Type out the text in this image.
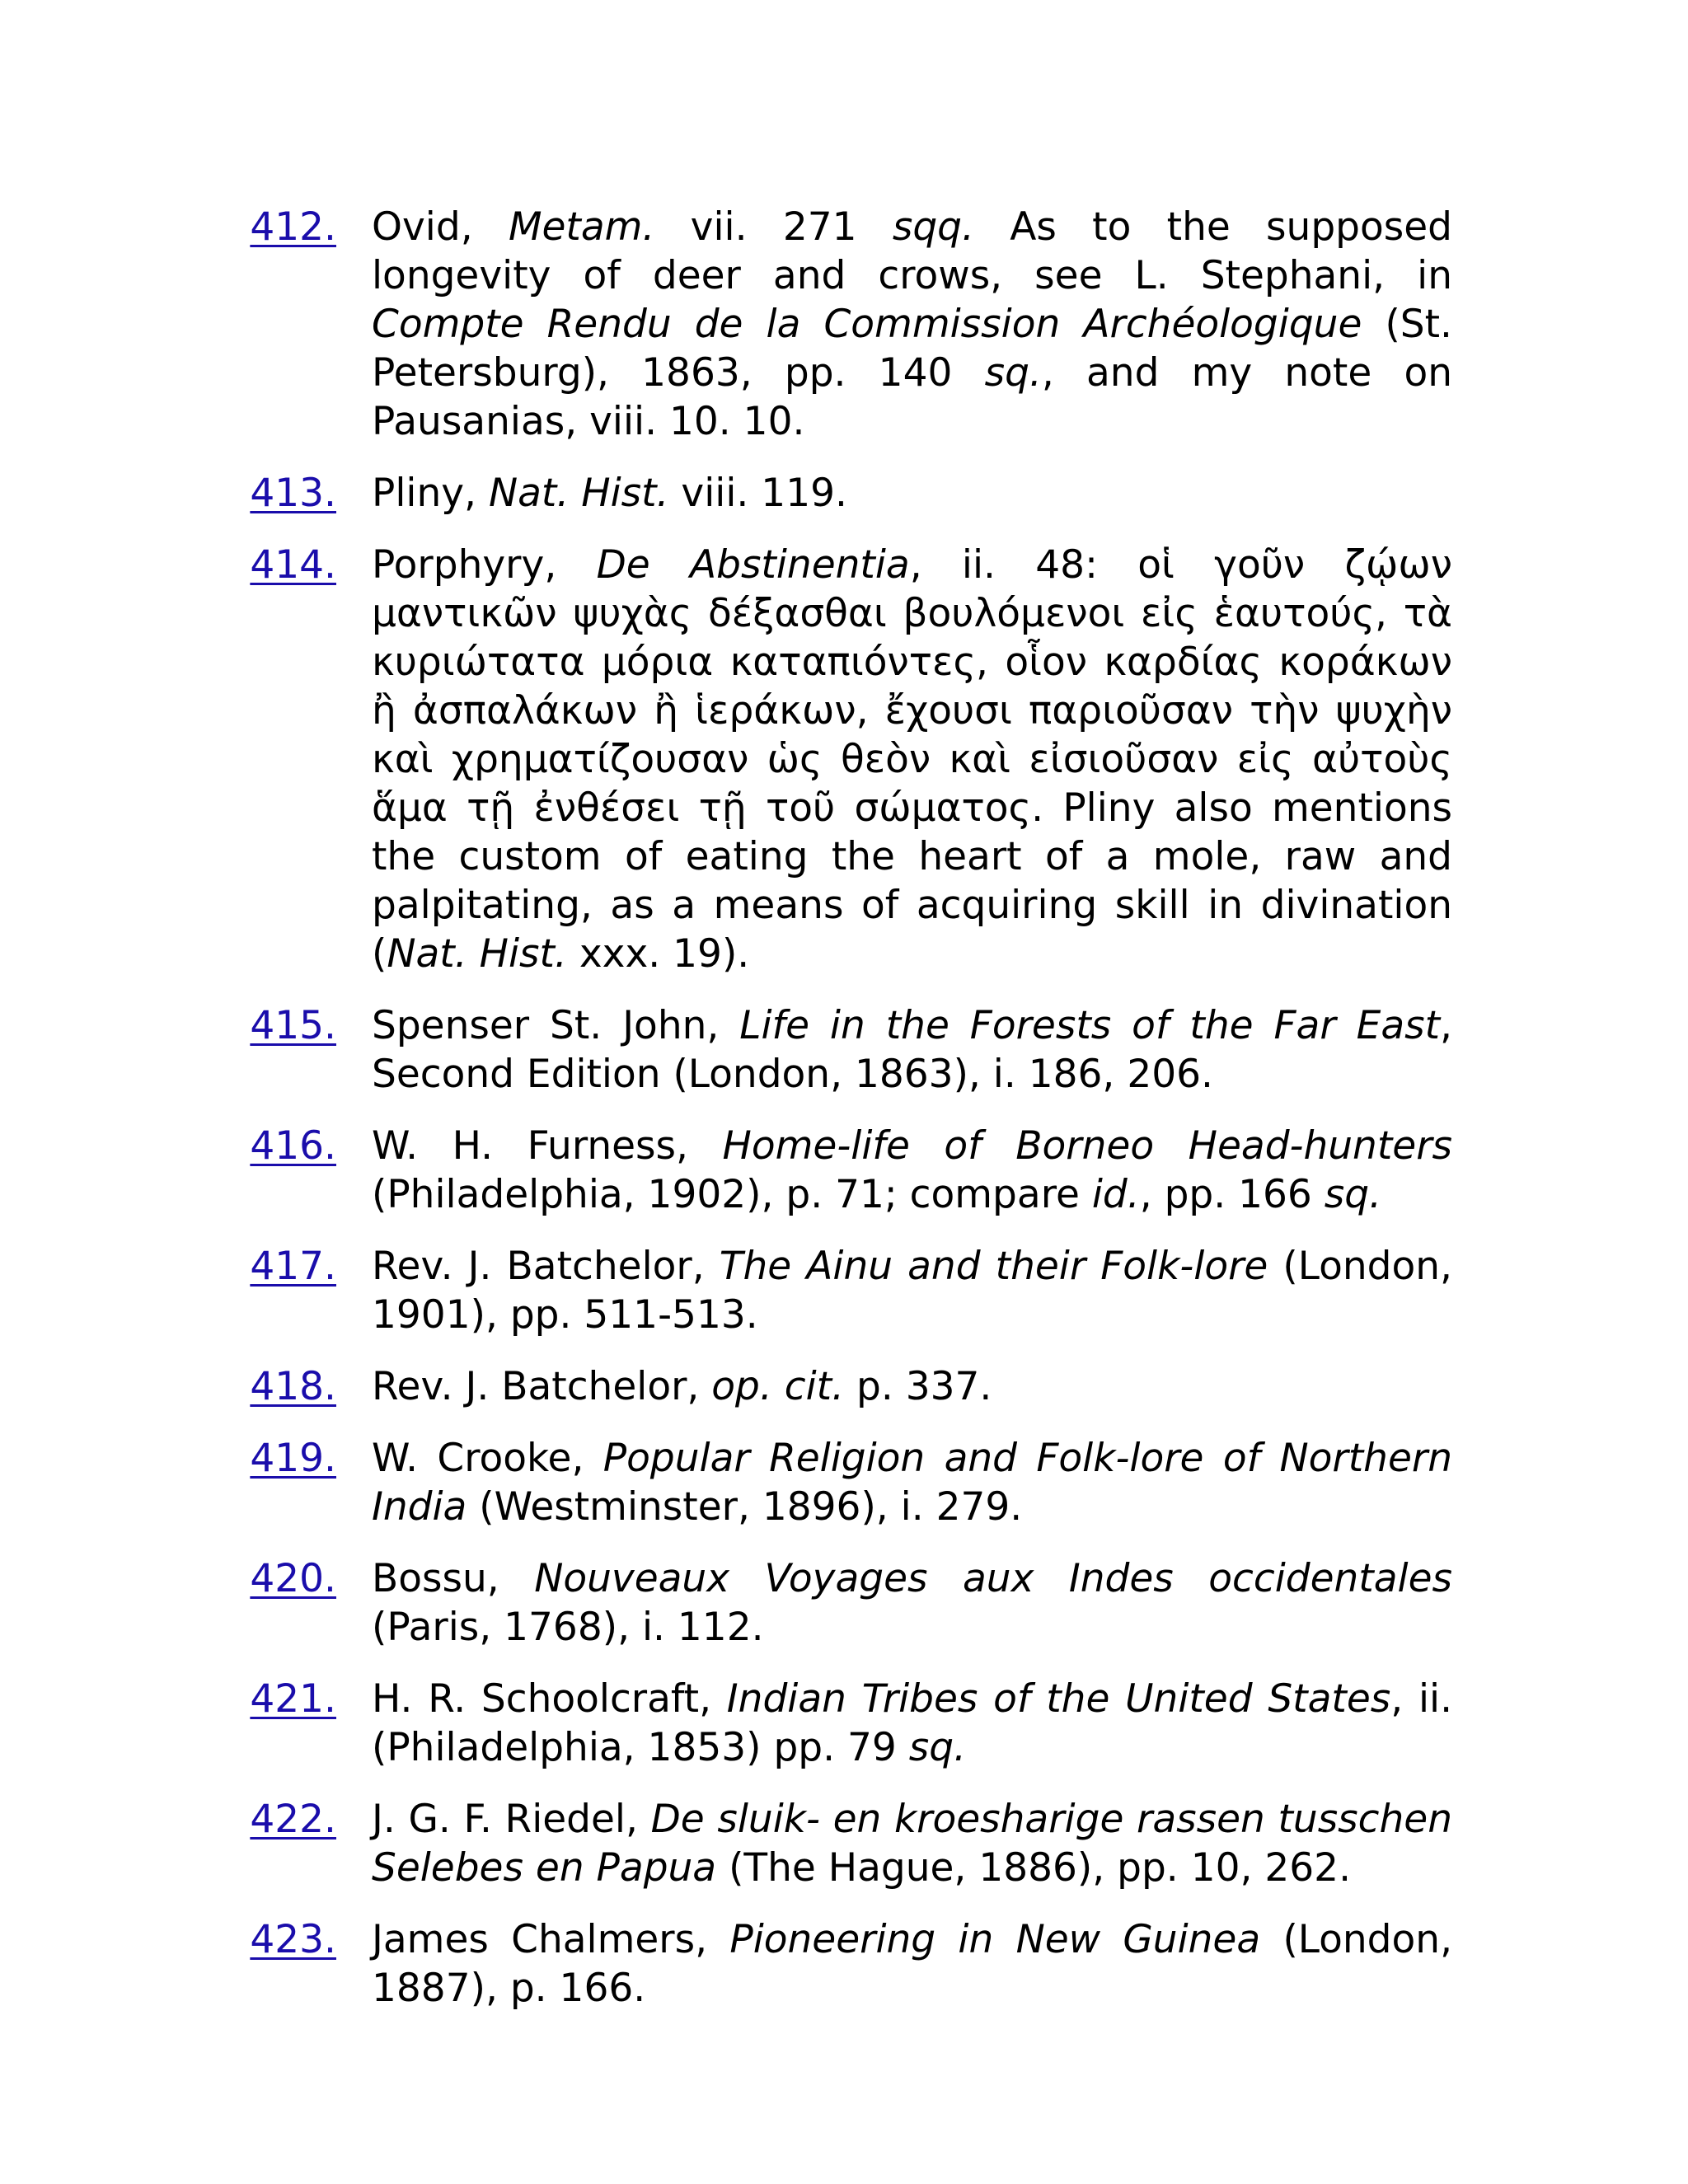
412. Ovid, Metam. vii. 271 sqq. As to the supposed longevity of deer and crows, see L. Stephani, in Compte Rendu de la Commission Archéologique (St. Petersburg), 1863, pp. 140 sq., and my note on Pausanias, viii. 10. 10.
413. Pliny, Nat. Hist. viii. 119.
414. Porphyry, De Abstinentia, ii. 48: οἱ γοῦν ζῴων μαντικῶν ψυχὰς δέξασθαι βουλόμενοι εἰς ἑαυτούς, τὰ κυριώτατα μόρια καταπιόντες, οἷον καρδίας κοράκων ἢ ἀσπαλάκων ἢ ἱεράκων, ἔχουσι παριοῦσαν τὴν ψυχὴν καὶ χρηματίζουσαν ὡς θεὸν καὶ εἰσιοῦσαν εἰς αὐτοὺς ἅμα τῇ ἐνθέσει τῇ τοῦ σώματος. Pliny also mentions the custom of eating the heart of a mole, raw and palpitating, as a means of acquiring skill in divination (Nat. Hist. xxx. 19).
415. Spenser St. John, Life in the Forests of the Far East, Second Edition (London, 1863), i. 186, 206.
416. W. H. Furness, Home-life of Borneo Head-hunters (Philadelphia, 1902), p. 71; compare id., pp. 166 sq.
417. Rev. J. Batchelor, The Ainu and their Folk-lore (London, 1901), pp. 511-513.
418. Rev. J. Batchelor, op. cit. p. 337.
419. W. Crooke, Popular Religion and Folk-lore of Northern India (Westminster, 1896), i. 279.
420. Bossu, Nouveaux Voyages aux Indes occidentales (Paris, 1768), i. 112.
421. H. R. Schoolcraft, Indian Tribes of the United States, ii. (Philadelphia, 1853) pp. 79 sq.
422. J. G. F. Riedel, De sluik- en kroesharige rassen tusschen Selebes en Papua (The Hague, 1886), pp. 10, 262.
423. James Chalmers, Pioneering in New Guinea (London, 1887), p. 166.
